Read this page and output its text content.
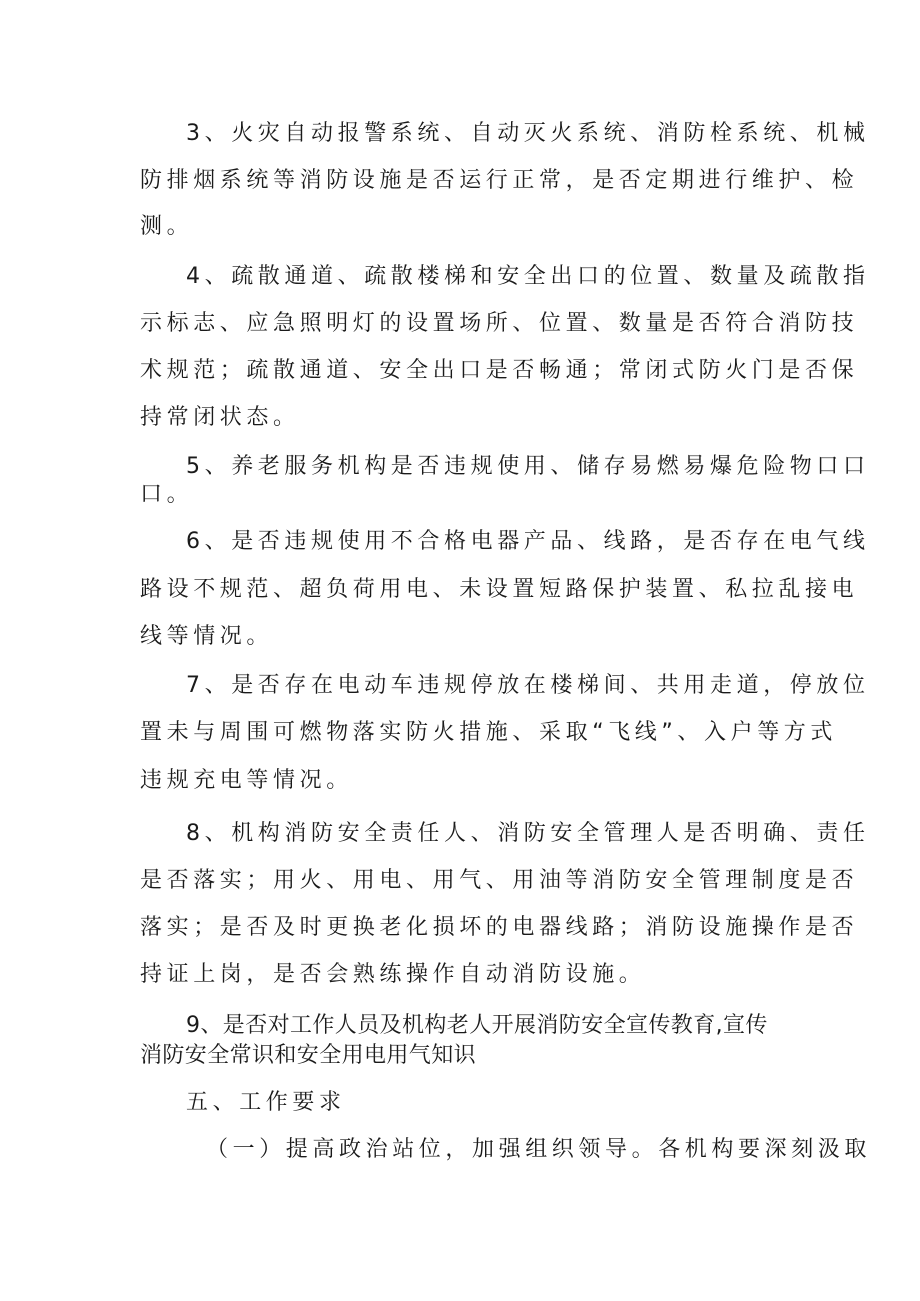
3、火灾自动报警系统、自动灭火系统、消防栓系统、机械
防排烟系统等消防设施是否运行正常，是否定期进行维护、检
测。
4、疏散通道、疏散楼梯和安全出口的位置、数量及疏散指
示标志、应急照明灯的设置场所、位置、数量是否符合消防技
术规范；疏散通道、安全出口是否畅通；常闭式防火门是否保
持常闭状态。
5、养老服务机构是否违规使用、储存易燃易爆危险物口口
口。
6、是否违规使用不合格电器产品、线路，是否存在电气线
路设不规范、超负荷用电、未设置短路保护装置、私拉乱接电
线等情况。
7、是否存在电动车违规停放在楼梯间、共用走道，停放位
置未与周围可燃物落实防火措施、采取“飞线”、入户等方式
违规充电等情况。
8、机构消防安全责任人、消防安全管理人是否明确、责任
是否落实；用火、用电、用气、用油等消防安全管理制度是否
落实；是否及时更换老化损坏的电器线路；消防设施操作是否
持证上岗，是否会熟练操作自动消防设施。
9、是否对工作人员及机构老人开展消防安全宣传教育,宣传
消防安全常识和安全用电用气知识
五、工作要求
（一）提高政治站位，加强组织领导。各机构要深刻汲取
